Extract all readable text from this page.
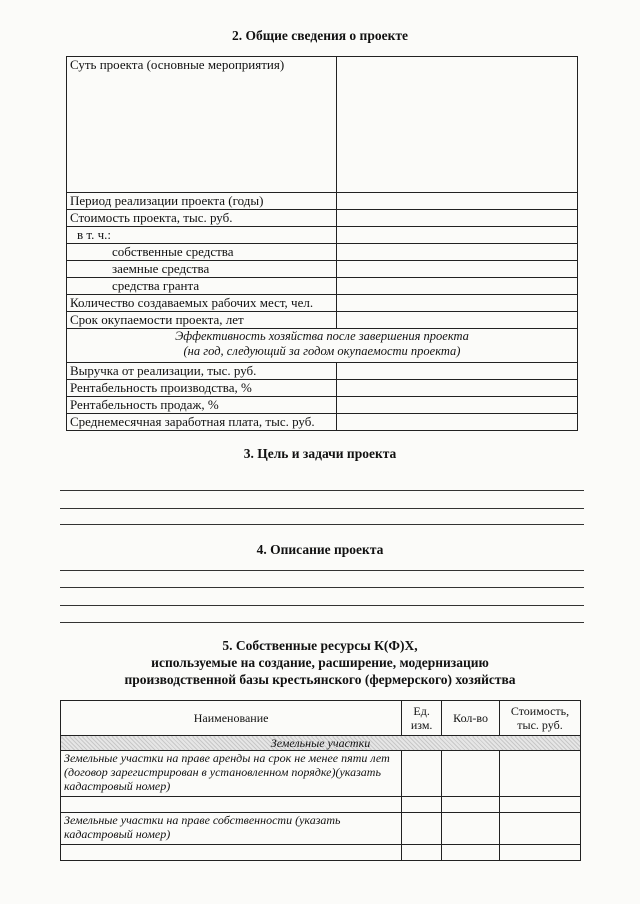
2. Общие сведения о проекте
Суть проекта (основные мероприятия)	
Период реализации проекта (годы)	
Стоимость проекта, тыс. руб.	
в т. ч.:	
собственные средства	
заемные средства	
средства гранта	
Количество создаваемых рабочих мест, чел.	
Срок окупаемости проекта, лет	

Эффективность хозяйства после завершения проекта
(на год, следующий за годом окупаемости проекта)	

Выручка от реализации, тыс. руб.	
Рентабельность производства, %	
Рентабельность продаж, %	
Среднемесячная заработная плата, тыс. руб.	
3. Цель и задачи проекта
4. Описание проекта
5. Собственные ресурсы К(Ф)Х,
используемые на создание, расширение, модернизацию
производственной базы крестьянского (фермерского) хозяйства
Наименование	Ед. изм.	Кол-во	Стоимость, тыс. руб.
Земельные участки			
Земельные участки на праве аренды на срок не менее пяти лет (договор зарегистрирован в установленном порядке)(указать кадастровый номер)			

Земельные участки на праве собственности (указать кадастровый номер)			
